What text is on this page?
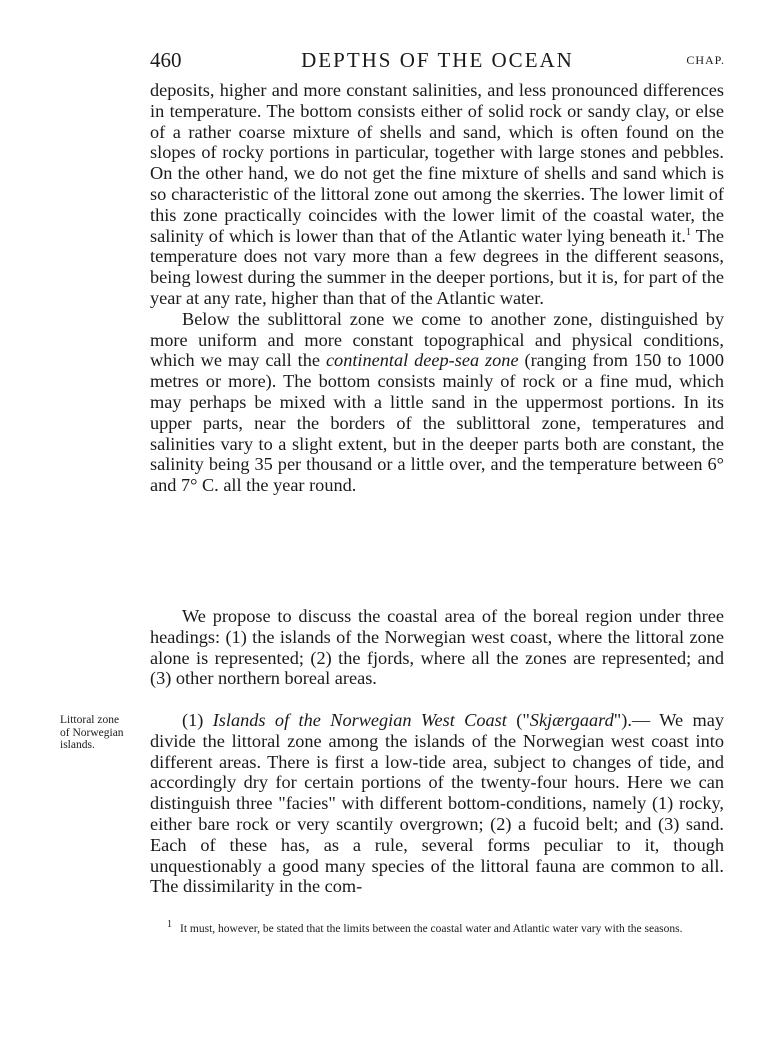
460	DEPTHS OF THE OCEAN	CHAP.

deposits, higher and more constant salinities, and less pronounced differences in temperature. The bottom consists either of solid rock or sandy clay, or else of a rather coarse mixture of shells and sand, which is often found on the slopes of rocky portions in particular, together with large stones and pebbles. On the other hand, we do not get the fine mixture of shells and sand which is so characteristic of the littoral zone out among the skerries. The lower limit of this zone practically coincides with the lower limit of the coastal water, the salinity of which is lower than that of the Atlantic water lying beneath it.$^1$ The temperature does not vary more than a few degrees in the different seasons, being lowest during the summer in the deeper portions, but it is, for part of the year at any rate, higher than that of the Atlantic water.

Below the sublittoral zone we come to another zone, distinguished by more uniform and more constant topographical and physical conditions, which we may call the continental deep-sea zone (ranging from 150 to 1000 metres or more). The bottom consists mainly of rock or a fine mud, which may perhaps be mixed with a little sand in the uppermost portions. In its upper parts, near the borders of the sublittoral zone, temperatures and salinities vary to a slight extent, but in the deeper parts both are constant, the salinity being 35 per thousand or a little over, and the temperature between 6° and 7° C. all the year round.

We propose to discuss the coastal area of the boreal region under three headings: (1) the islands of the Norwegian west coast, where the littoral zone alone is represented; (2) the fjords, where all the zones are represented; and (3) other northern boreal areas.

Littoral zone
of Norwegian
islands.

(1) Islands of the Norwegian West Coast ("Skjærgaard").— We may divide the littoral zone among the islands of the Norwegian west coast into different areas. There is first a low-tide area, subject to changes of tide, and accordingly dry for certain portions of the twenty-four hours. Here we can distinguish three "facies" with different bottom-conditions, namely (1) rocky, either bare rock or very scantily overgrown; (2) a fucoid belt; and (3) sand. Each of these has, as a rule, several forms peculiar to it, though unquestionably a good many species of the littoral fauna are common to all. The dissimilarity in the com-

$^1$ It must, however, be stated that the limits between the coastal water and Atlantic water vary with the seasons.
